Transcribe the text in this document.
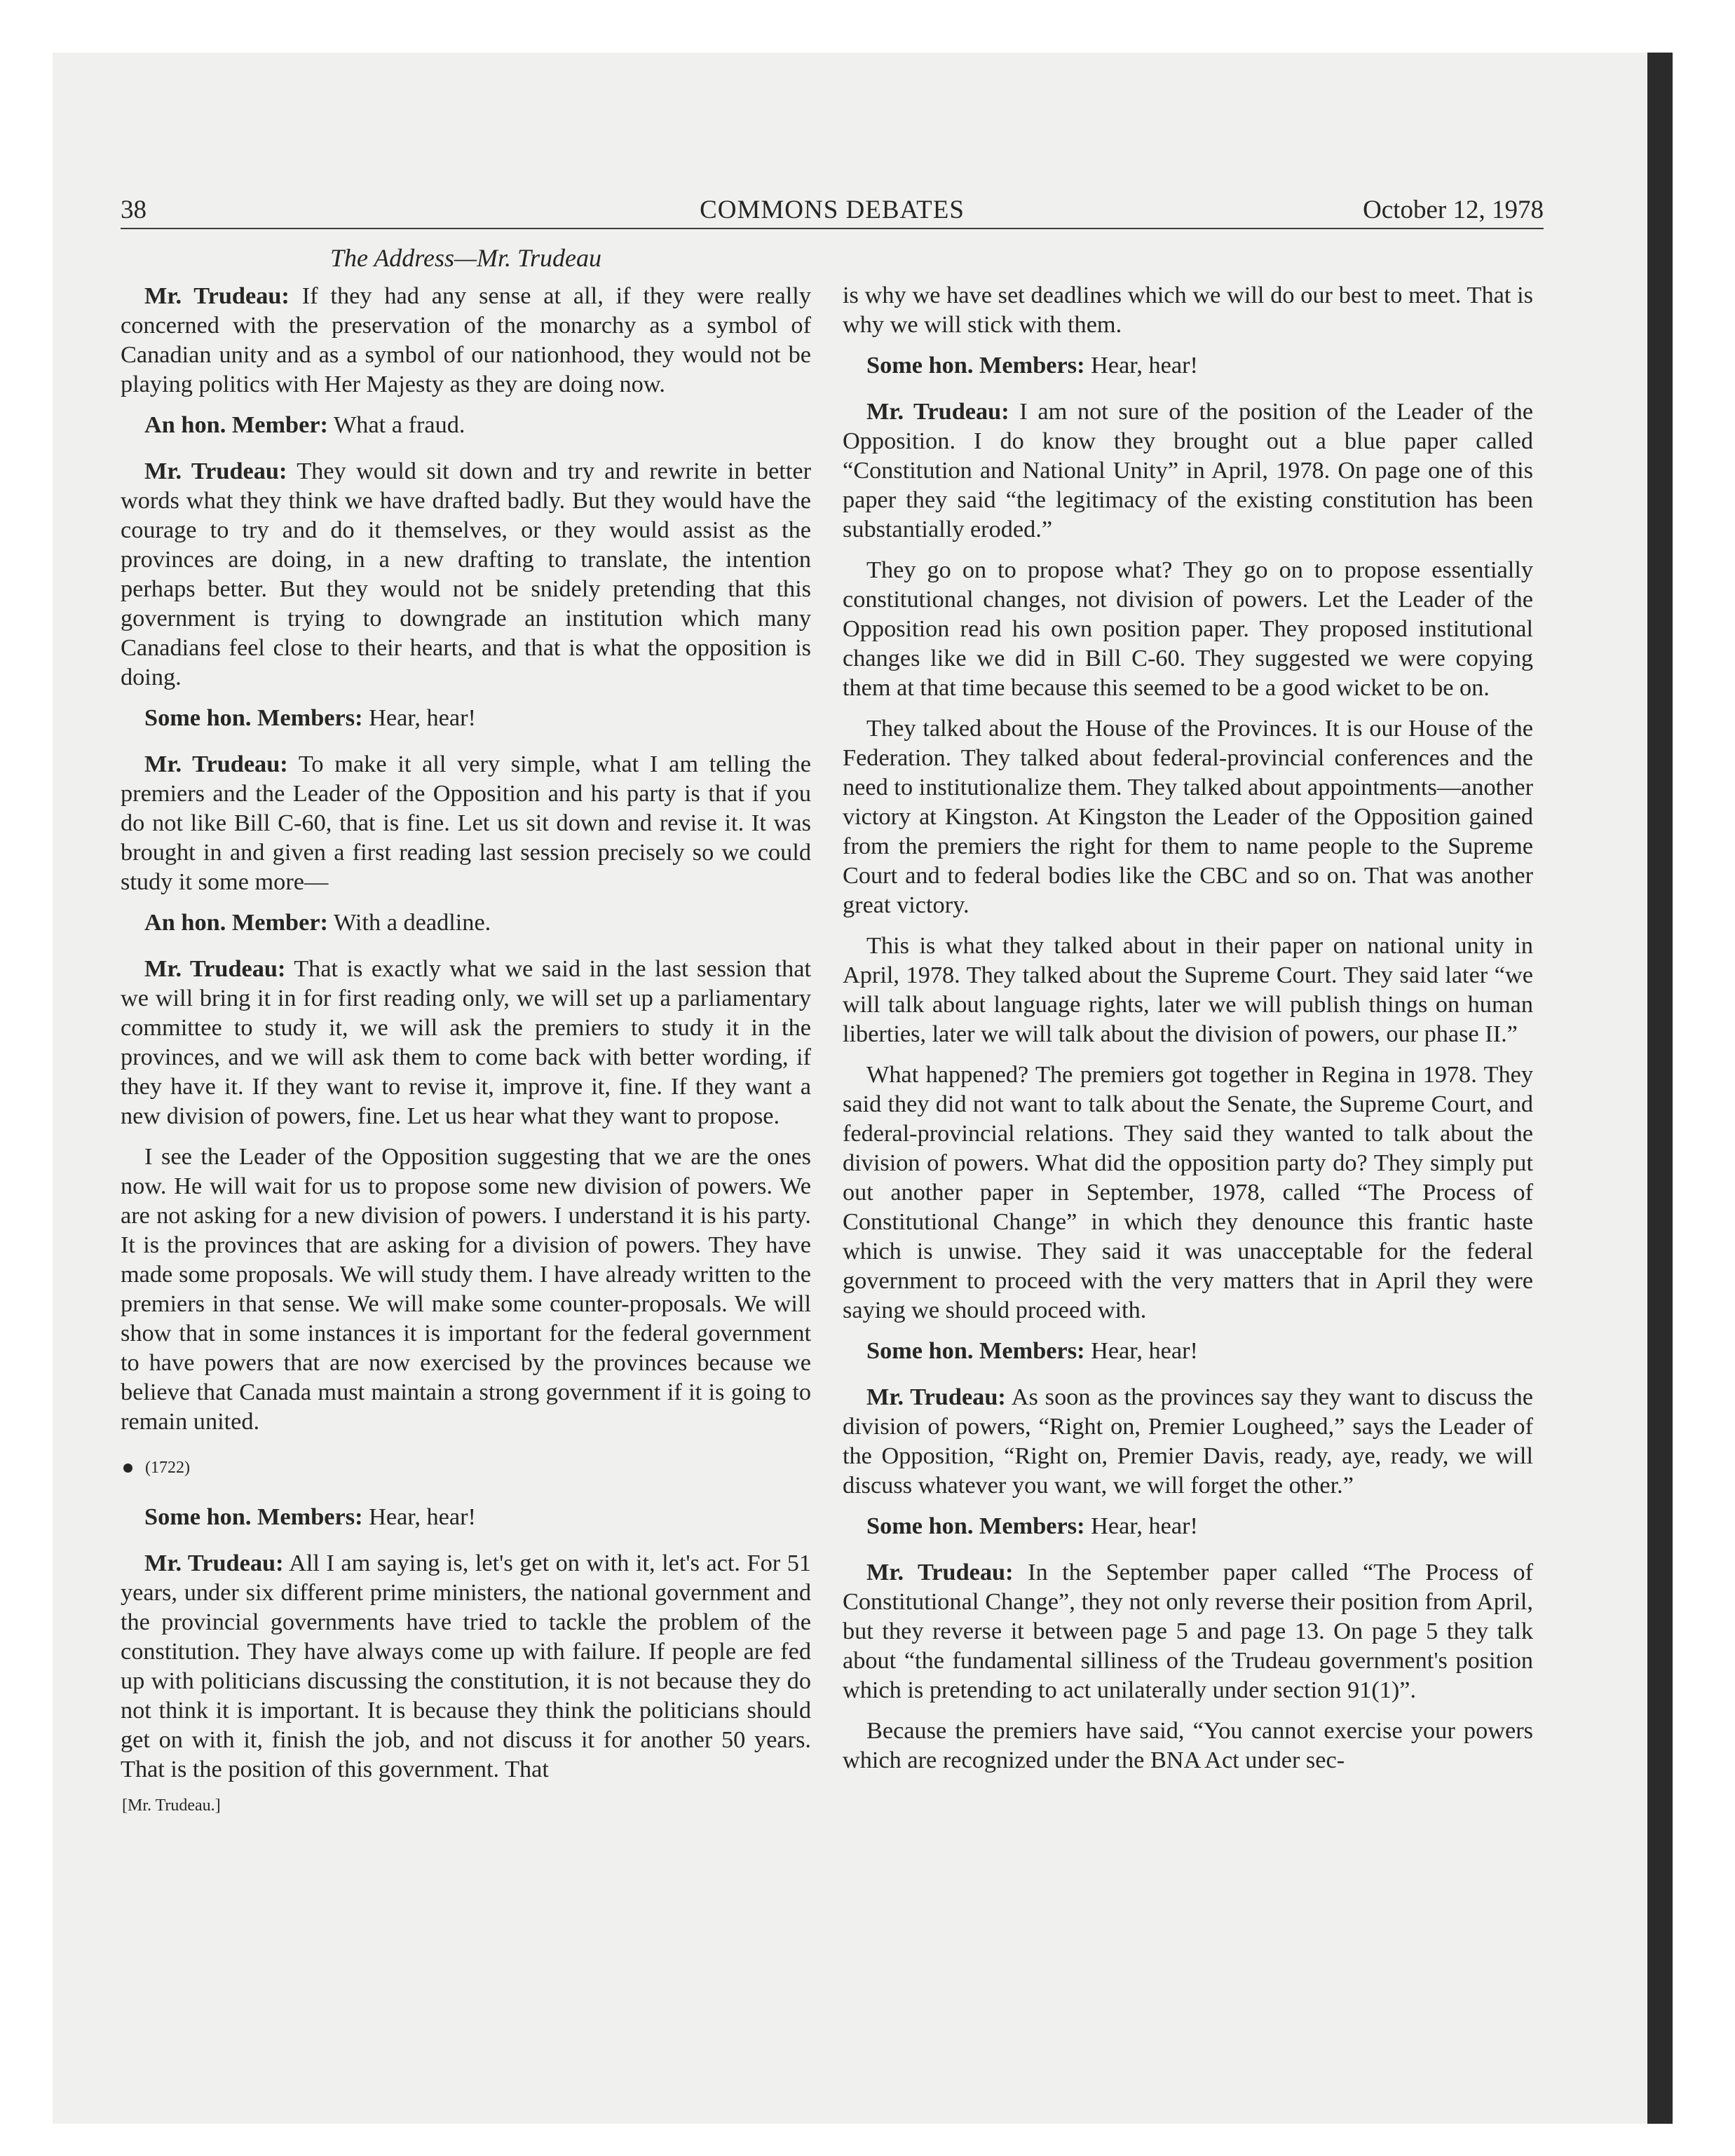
38	COMMONS DEBATES	October 12, 1978
The Address—Mr. Trudeau

Mr. Trudeau: If they had any sense at all, if they were really concerned with the preservation of the monarchy as a symbol of Canadian unity and as a symbol of our nationhood, they would not be playing politics with Her Majesty as they are doing now.

An hon. Member: What a fraud.

Mr. Trudeau: They would sit down and try and rewrite in better words what they think we have drafted badly. But they would have the courage to try and do it themselves, or they would assist as the provinces are doing, in a new drafting to translate, the intention perhaps better. But they would not be snidely pretending that this government is trying to downgrade an institution which many Canadians feel close to their hearts, and that is what the opposition is doing.

Some hon. Members: Hear, hear!

Mr. Trudeau: To make it all very simple, what I am telling the premiers and the Leader of the Opposition and his party is that if you do not like Bill C-60, that is fine. Let us sit down and revise it. It was brought in and given a first reading last session precisely so we could study it some more—

An hon. Member: With a deadline.

Mr. Trudeau: That is exactly what we said in the last session that we will bring it in for first reading only, we will set up a parliamentary committee to study it, we will ask the premiers to study it in the provinces, and we will ask them to come back with better wording, if they have it. If they want to revise it, improve it, fine. If they want a new division of powers, fine. Let us hear what they want to propose.

I see the Leader of the Opposition suggesting that we are the ones now. He will wait for us to propose some new division of powers. We are not asking for a new division of powers. I understand it is his party. It is the provinces that are asking for a division of powers. They have made some proposals. We will study them. I have already written to the premiers in that sense. We will make some counter-proposals. We will show that in some instances it is important for the federal government to have powers that are now exercised by the provinces because we believe that Canada must maintain a strong government if it is going to remain united.

(1722)

Some hon. Members: Hear, hear!

Mr. Trudeau: All I am saying is, let's get on with it, let's act. For 51 years, under six different prime ministers, the national government and the provincial governments have tried to tackle the problem of the constitution. They have always come up with failure. If people are fed up with politicians discussing the constitution, it is not because they do not think it is important. It is because they think the politicians should get on with it, finish the job, and not discuss it for another 50 years. That is the position of this government. That

[Mr. Trudeau.]

is why we have set deadlines which we will do our best to meet. That is why we will stick with them.

Some hon. Members: Hear, hear!

Mr. Trudeau: I am not sure of the position of the Leader of the Opposition. I do know they brought out a blue paper called “Constitution and National Unity” in April, 1978. On page one of this paper they said “the legitimacy of the existing constitution has been substantially eroded.”

They go on to propose what? They go on to propose essentially constitutional changes, not division of powers. Let the Leader of the Opposition read his own position paper. They proposed institutional changes like we did in Bill C-60. They suggested we were copying them at that time because this seemed to be a good wicket to be on.

They talked about the House of the Provinces. It is our House of the Federation. They talked about federal-provincial conferences and the need to institutionalize them. They talked about appointments—another victory at Kingston. At Kingston the Leader of the Opposition gained from the premiers the right for them to name people to the Supreme Court and to federal bodies like the CBC and so on. That was another great victory.

This is what they talked about in their paper on national unity in April, 1978. They talked about the Supreme Court. They said later “we will talk about language rights, later we will publish things on human liberties, later we will talk about the division of powers, our phase II.”

What happened? The premiers got together in Regina in 1978. They said they did not want to talk about the Senate, the Supreme Court, and federal-provincial relations. They said they wanted to talk about the division of powers. What did the opposition party do? They simply put out another paper in September, 1978, called “The Process of Constitutional Change” in which they denounce this frantic haste which is unwise. They said it was unacceptable for the federal government to proceed with the very matters that in April they were saying we should proceed with.

Some hon. Members: Hear, hear!

Mr. Trudeau: As soon as the provinces say they want to discuss the division of powers, “Right on, Premier Lougheed,” says the Leader of the Opposition, “Right on, Premier Davis, ready, aye, ready, we will discuss whatever you want, we will forget the other.”

Some hon. Members: Hear, hear!

Mr. Trudeau: In the September paper called “The Process of Constitutional Change”, they not only reverse their position from April, but they reverse it between page 5 and page 13. On page 5 they talk about “the fundamental silliness of the Trudeau government's position which is pretending to act unilaterally under section 91(1)”.

Because the premiers have said, “You cannot exercise your powers which are recognized under the BNA Act under sec-
